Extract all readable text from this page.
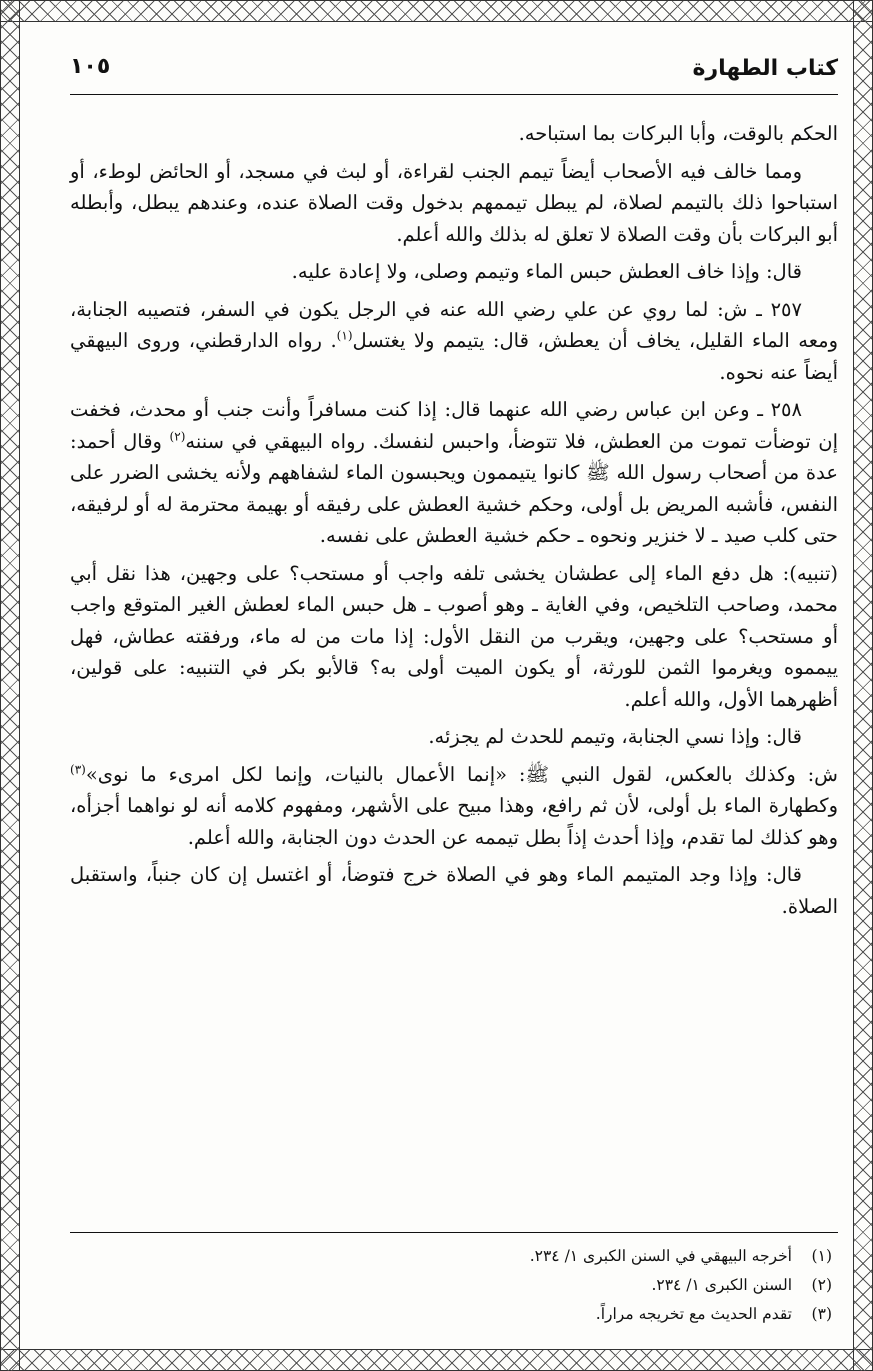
كتاب الطهارة
١٠٥

الحكم بالوقت، وأبا البركات بما استباحه.

ومما خالف فيه الأصحاب أيضاً تيمم الجنب لقراءة، أو لبث في مسجد، أو الحائض لوطء، أو استباحوا ذلك بالتيمم لصلاة، لم يبطل تيممهم بدخول وقت الصلاة عنده، وعندهم يبطل، وأبطله أبو البركات بأن وقت الصلاة لا تعلق له بذلك والله أعلم.

قال: وإذا خاف العطش حبس الماء وتيمم وصلى، ولا إعادة عليه.

٢٥٧ ـ ش: لما روي عن علي رضي الله عنه في الرجل يكون في السفر، فتصيبه الجنابة، ومعه الماء القليل، يخاف أن يعطش، قال: يتيمم ولا يغتسل$^{(١)}$. رواه الدارقطني، وروى البيهقي أيضاً عنه نحوه.

٢٥٨ ـ وعن ابن عباس رضي الله عنهما قال: إذا كنت مسافراً وأنت جنب أو محدث، فخفت إن توضأت تموت من العطش، فلا تتوضأ، واحبس لنفسك. رواه البيهقي في سننه$^{(٢)}$ وقال أحمد: عدة من أصحاب رسول الله ﷺ كانوا يتيممون ويحبسون الماء لشفاههم ولأنه يخشى الضرر على النفس، فأشبه المريض بل أولى، وحكم خشية العطش على رفيقه أو بهيمة محترمة له أو لرفيقه، حتى كلب صيد ـ لا خنزير ونحوه ـ حكم خشية العطش على نفسه.

(تنبيه): هل دفع الماء إلى عطشان يخشى تلفه واجب أو مستحب؟ على وجهين، هذا نقل أبي محمد، وصاحب التلخيص، وفي الغاية ـ وهو أصوب ـ هل حبس الماء لعطش الغير المتوقع واجب أو مستحب؟ على وجهين، ويقرب من النقل الأول: إذا مات من له ماء، ورفقته عطاش، فهل ييمموه ويغرموا الثمن للورثة، أو يكون الميت أولى به؟ قالأبو بكر في التنبيه: على قولين، أظهرهما الأول، والله أعلم.

قال: وإذا نسي الجنابة، وتيمم للحدث لم يجزئه.

ش: وكذلك بالعكس، لقول النبي ﷺ: «إنما الأعمال بالنيات، وإنما لكل امرىء ما نوى»$^{(٣)}$ وكطهارة الماء بل أولى، لأن ثم رافع، وهذا مبيح على الأشهر، ومفهوم كلامه أنه لو نواهما أجزأه، وهو كذلك لما تقدم، وإذا أحدث إذاً بطل تيممه عن الحدث دون الجنابة، والله أعلم.

قال: وإذا وجد المتيمم الماء وهو في الصلاة خرج فتوضأ، أو اغتسل إن كان جنباً، واستقبل الصلاة.

(١)أخرجه البيهقي في السنن الكبرى ١/ ٢٣٤.
(٢)السنن الكبرى ١/ ٢٣٤.
(٣)تقدم الحديث مع تخريجه مراراً.
